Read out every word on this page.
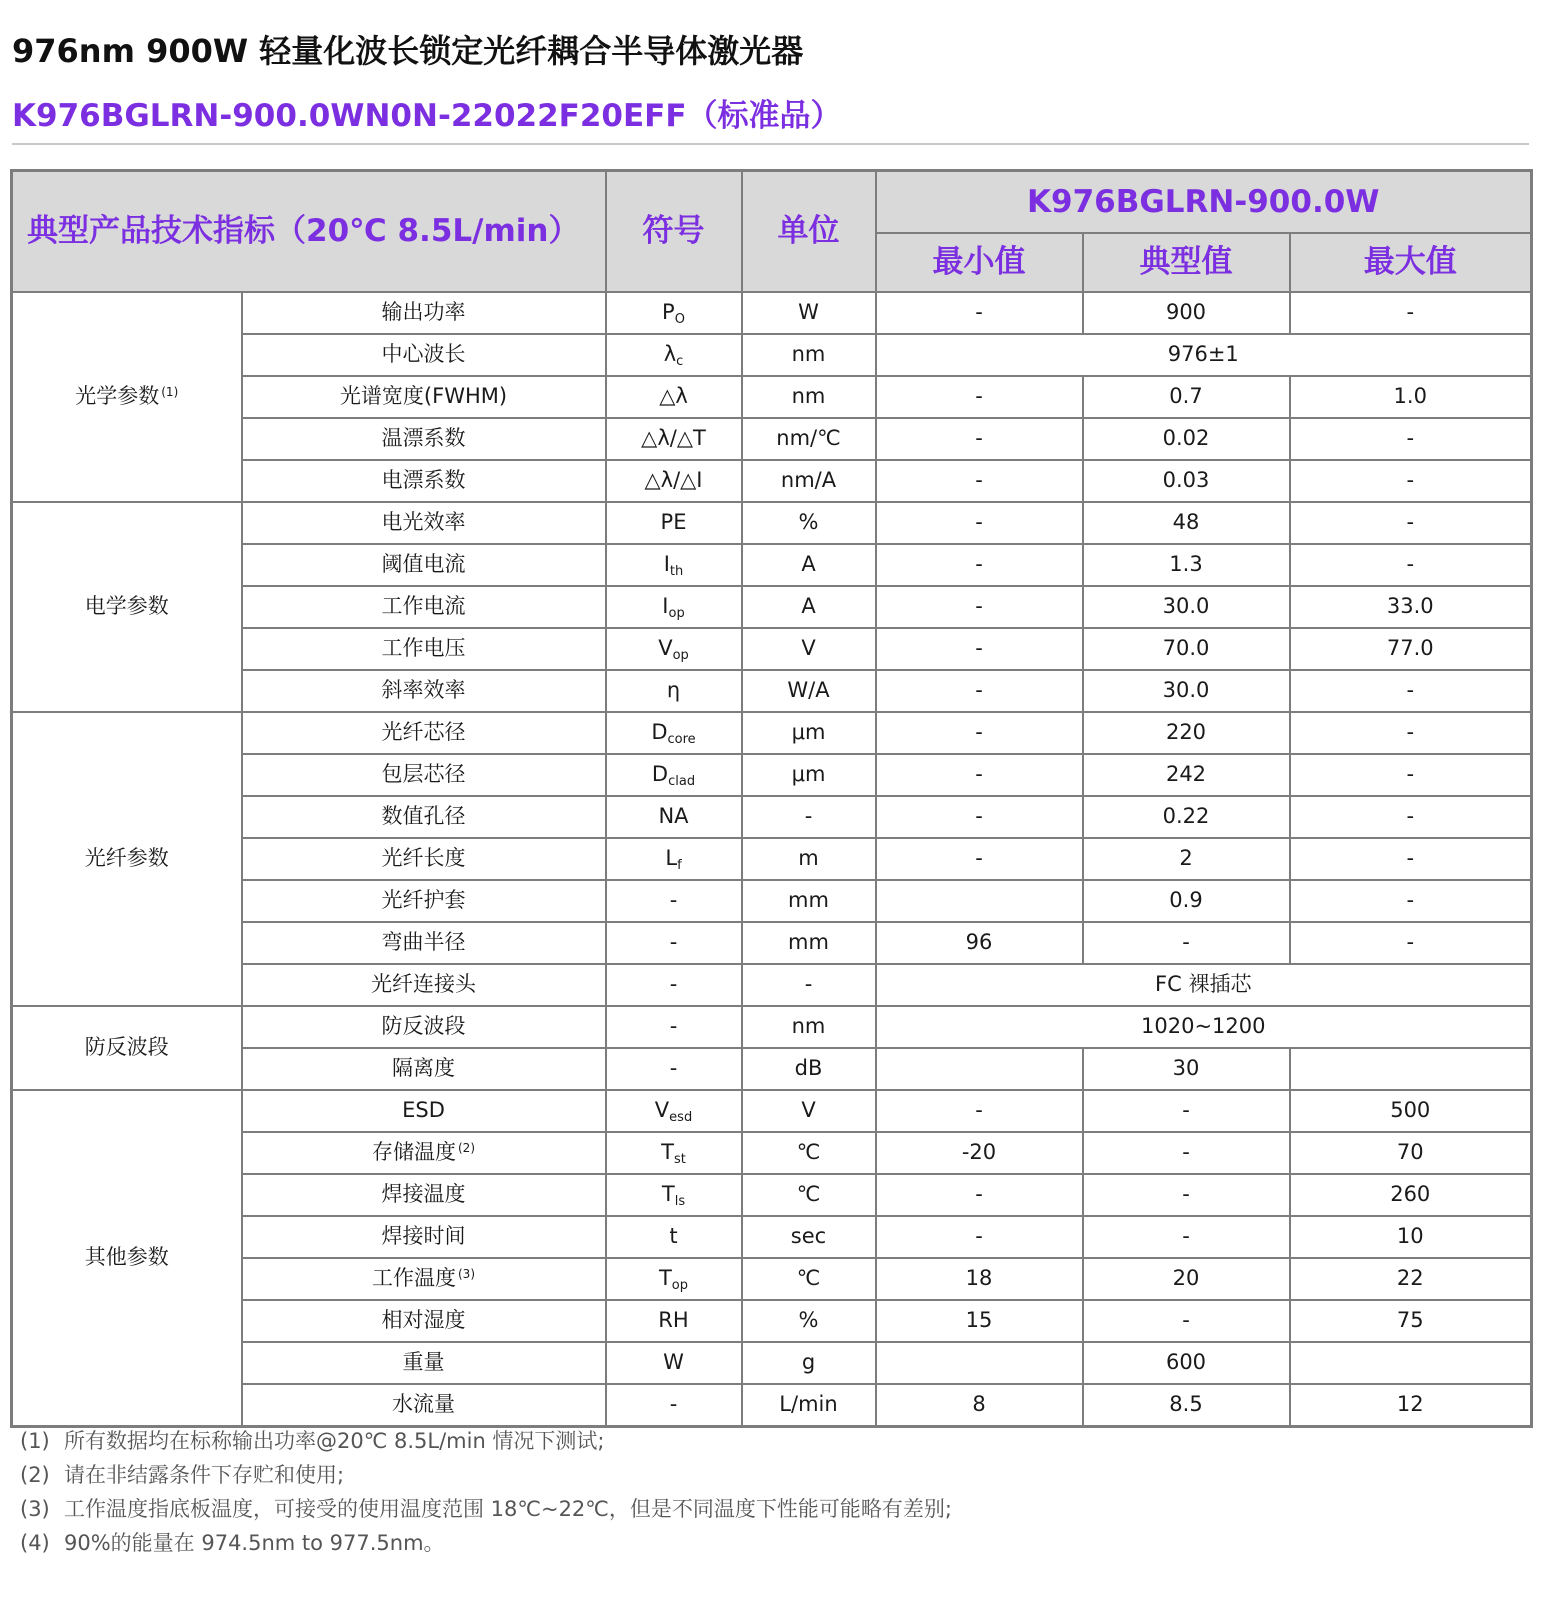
976nm 900W 轻量化波长锁定光纤耦合半导体激光器
K976BGLRN-900.0WN0N-22022F20EFF（标准品）
典型产品技术指标（20℃ 8.5L/min）		符号	单位	K976BGLRN-900.0W		
				最小值	典型值	最大值
光学参数 $^{(1)}$	输出功率	$P_O$	W	-	900	-
	中心波长	$\lambda_c$	nm	976±1		
	光谱宽度(FWHM)	△λ	nm	-	0.7	1.0
	温漂系数	△λ/△T	nm/℃	-	0.02	-
	电漂系数	△λ/△I	nm/A	-	0.03	-
电学参数	电光效率	PE	%	-	48	-
	阈值电流	$I_{th}$	A	-	1.3	-
	工作电流	$I_{op}$	A	-	30.0	33.0
	工作电压	$V_{op}$	V	-	70.0	77.0
	斜率效率	η	W/A	-	30.0	-
光纤参数	光纤芯径	$D_{core}$	μm	-	220	-
	包层芯径	$D_{clad}$	μm	-	242	-
	数值孔径	NA	-	-	0.22	-
	光纤长度	$L_f$	m	-	2	-
	光纤护套	-	mm		0.9	-
	弯曲半径	-	mm	96	-	-
	光纤连接头	-	-	FC 裸插芯		
防反波段	防反波段	-	nm	1020~1200		
	隔离度	-	dB		30	
其他参数	ESD	$V_{esd}$	V	-	-	500
	存储温度 $^{(2)}$	$T_{st}$	℃	-20	-	70
	焊接温度	$T_{ls}$	℃	-	-	260
	焊接时间	t	sec	-	-	10
	工作温度 $^{(3)}$	$T_{op}$	℃	18	20	22
	相对湿度	RH	%	15	-	75
	重量	W	g		600	
	水流量	-	L/min	8	8.5	12
(1) 所有数据均在标称输出功率@20℃ 8.5L/min 情况下测试;
(2) 请在非结露条件下存贮和使用;
(3) 工作温度指底板温度，可接受的使用温度范围 18℃~22℃，但是不同温度下性能可能略有差别;
(4) 90%的能量在 974.5nm to 977.5nm。
